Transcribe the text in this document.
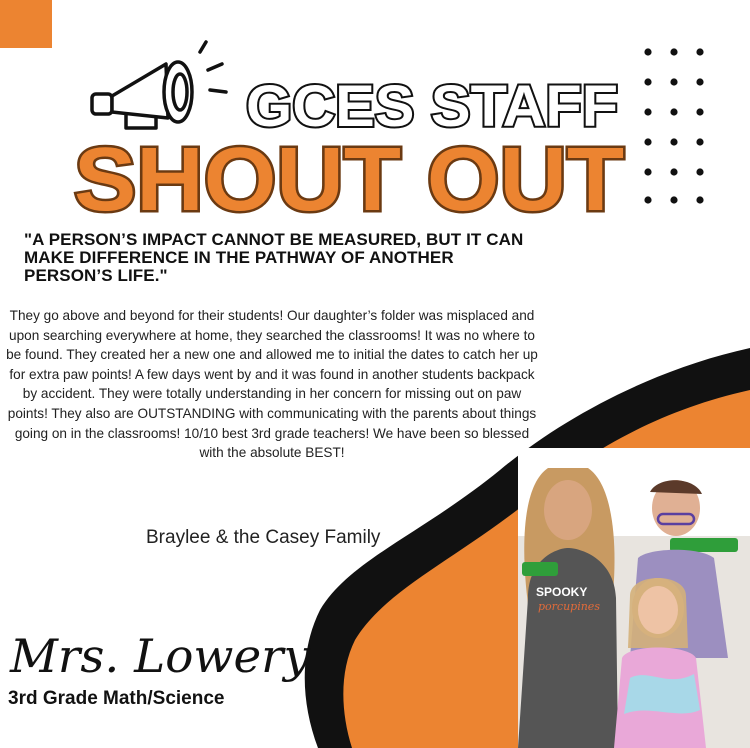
GCES STAFF
SHOUT OUT
"A PERSON’S IMPACT CANNOT BE MEASURED, BUT IT CAN MAKE DIFFERENCE IN THE PATHWAY OF ANOTHER PERSON’S LIFE."
They go above and beyond for their students! Our daughter’s folder was misplaced and upon searching everywhere at home, they searched the classrooms! It was no where to be found. They created her a new one and allowed me to initial the dates to catch her up for extra paw points! A few days went by and it was found in another students backpack by accident. They were totally understanding in her concern for missing out on paw points! They also are OUTSTANDING with communicating with the parents about things going on in the classrooms! 10/10 best 3rd grade teachers! We have been so blessed with the absolute BEST!
Braylee & the Casey Family
Mrs. Lowery
3rd Grade Math/Science
SPOOKY
porcupines
